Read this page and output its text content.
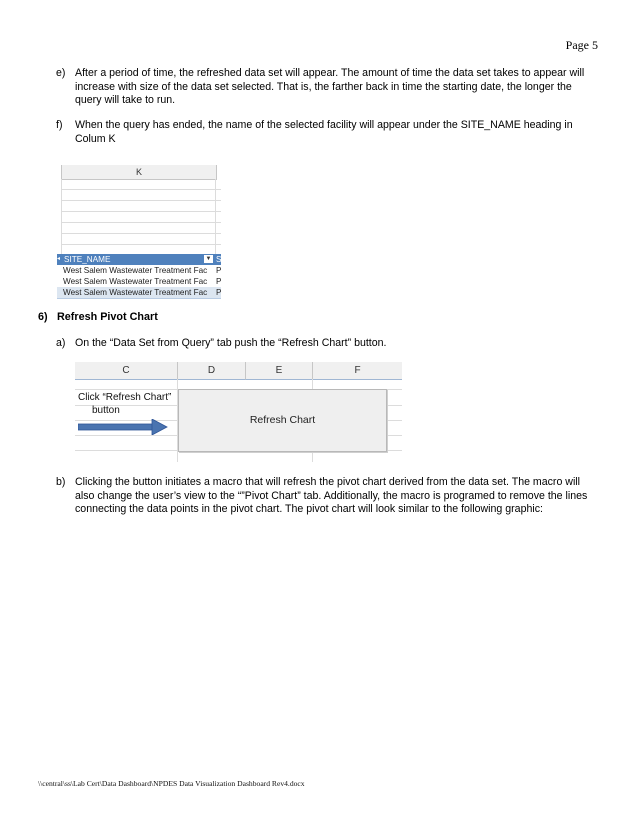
Page 5
e) After a period of time, the refreshed data set will appear. The amount of time the data set takes to appear will increase with size of the data set selected. That is, the farther back in time the starting date, the longer the query will take to run.
f) When the query has ended, the name of the selected facility will appear under the SITE_NAME heading in Colum K
K
◂ SITE_NAME	▼ S
West Salem Wastewater Treatment Fac P
West Salem Wastewater Treatment Fac P
West Salem Wastewater Treatment Fac P
6) Refresh Pivot Chart
a) On the “Data Set from Query” tab push the “Refresh Chart” button.
C	D	E	F
Click “Refresh Chart”
button
Refresh Chart
b) Clicking the button initiates a macro that will refresh the pivot chart derived from the data set. The macro will also change the user’s view to the “”Pivot Chart” tab. Additionally, the macro is programed to remove the lines connecting the data points in the pivot chart. The pivot chart will look similar to the following graphic:
\\central\ss\Lab Cert\Data Dashboard\NPDES Data Visualization Dashboard Rev4.docx
